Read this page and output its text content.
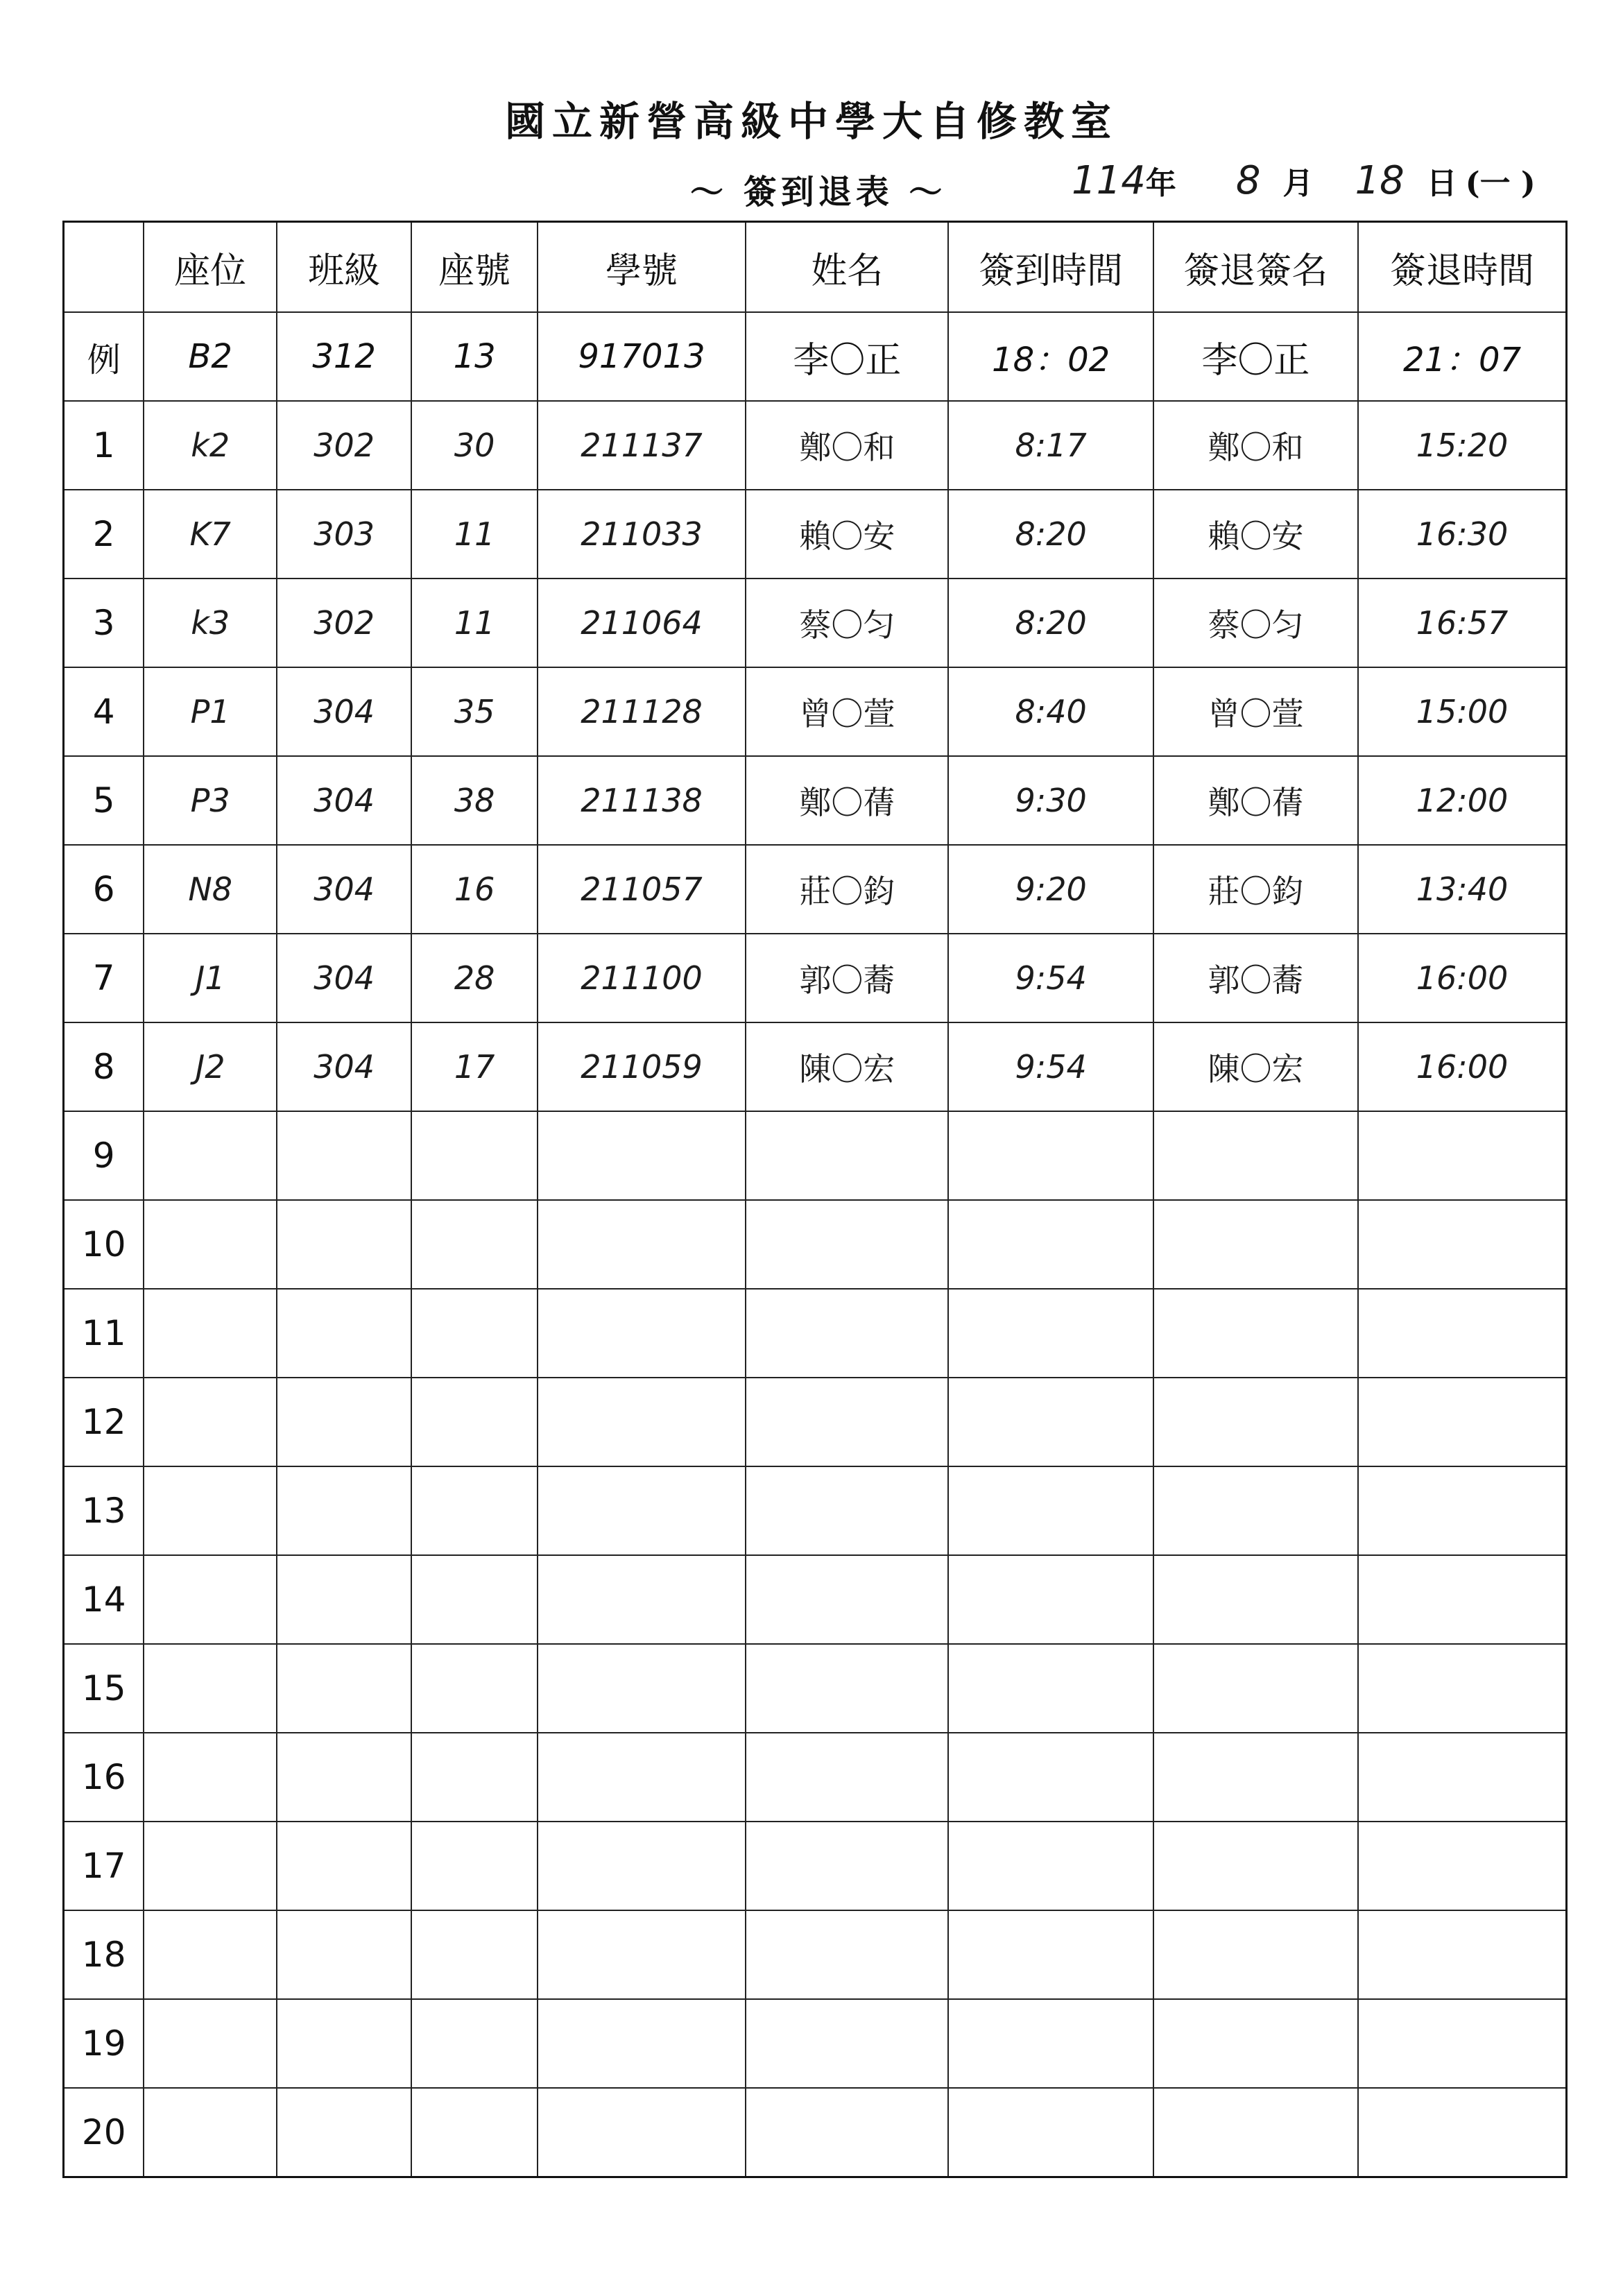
國立新營高級中學大自修教室
〜 簽到退表 〜	114年 8 月 18 日 (一 )
	座位	班級	座號	學號	姓名	簽到時間	簽退簽名	簽退時間
例	B2	312	13	917013	李〇正	18：02	李〇正	21：07
1	k2	302	30	211137	鄭〇和	8:17	鄭〇和	15:20
2	K7	303	11	211033	賴〇安	8:20	賴〇安	16:30
3	k3	302	11	211064	蔡〇匀	8:20	蔡〇匀	16:57
4	P1	304	35	211128	曾〇萱	8:40	曾〇萱	15:00
5	P3	304	38	211138	鄭〇蒨	9:30	鄭〇蒨	12:00
6	N8	304	16	211057	莊〇鈞	9:20	莊〇鈞	13:40
7	J1	304	28	211100	郭〇蕎	9:54	郭〇蕎	16:00
8	J2	304	17	211059	陳〇宏	9:54	陳〇宏	16:00
9								
10								
11								
12								
13								
14								
15								
16								
17								
18								
19								
20								
